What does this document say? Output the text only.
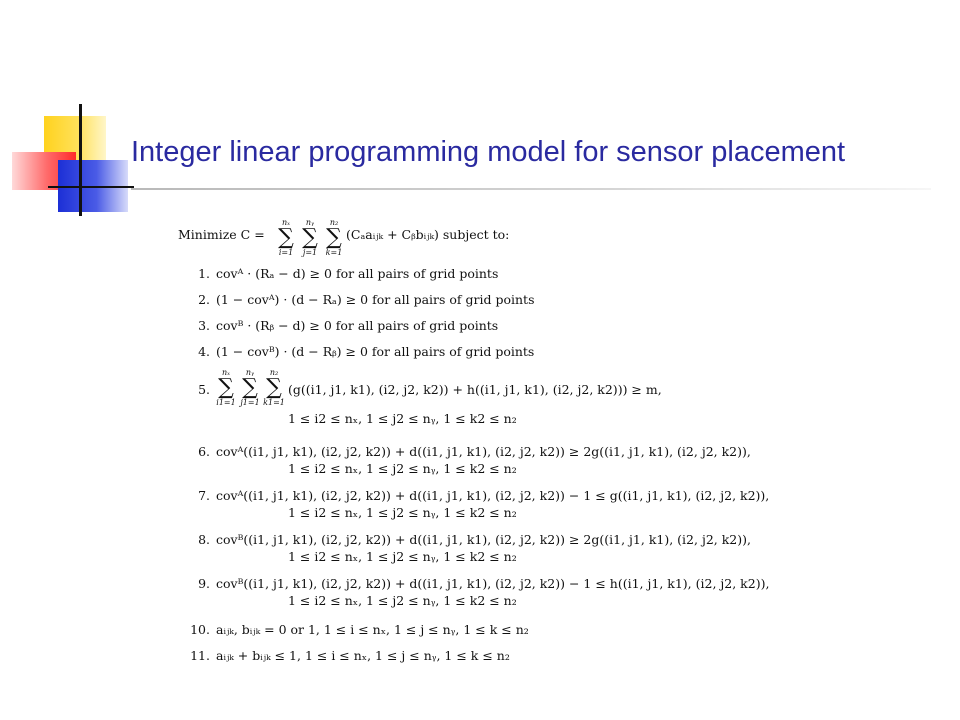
Integer linear programming model for sensor placement
Minimize C =
nₓ
∑
i=1
nᵧ
∑
j=1
n₂
∑
k=1
(Cₐaᵢⱼₖ + Cᵦbᵢⱼₖ) subject to:
1. covᴬ · (Rₐ − d) ≥ 0 for all pairs of grid points
2. (1 − covᴬ) · (d − Rₐ) ≥ 0 for all pairs of grid points
3. covᴮ · (Rᵦ − d) ≥ 0 for all pairs of grid points
4. (1 − covᴮ) · (d − Rᵦ) ≥ 0 for all pairs of grid points
5.
nₓ
∑
i1=1
nᵧ
∑
j1=1
n₂
∑
k1=1
(g((i1, j1, k1), (i2, j2, k2)) + h((i1, j1, k1), (i2, j2, k2))) ≥ m,
1 ≤ i2 ≤ nₓ, 1 ≤ j2 ≤ nᵧ, 1 ≤ k2 ≤ n₂
6. covᴬ((i1, j1, k1), (i2, j2, k2)) + d((i1, j1, k1), (i2, j2, k2)) ≥ 2g((i1, j1, k1), (i2, j2, k2)),
1 ≤ i2 ≤ nₓ, 1 ≤ j2 ≤ nᵧ, 1 ≤ k2 ≤ n₂
7. covᴬ((i1, j1, k1), (i2, j2, k2)) + d((i1, j1, k1), (i2, j2, k2)) − 1 ≤ g((i1, j1, k1), (i2, j2, k2)),
1 ≤ i2 ≤ nₓ, 1 ≤ j2 ≤ nᵧ, 1 ≤ k2 ≤ n₂
8. covᴮ((i1, j1, k1), (i2, j2, k2)) + d((i1, j1, k1), (i2, j2, k2)) ≥ 2g((i1, j1, k1), (i2, j2, k2)),
1 ≤ i2 ≤ nₓ, 1 ≤ j2 ≤ nᵧ, 1 ≤ k2 ≤ n₂
9. covᴮ((i1, j1, k1), (i2, j2, k2)) + d((i1, j1, k1), (i2, j2, k2)) − 1 ≤ h((i1, j1, k1), (i2, j2, k2)),
1 ≤ i2 ≤ nₓ, 1 ≤ j2 ≤ nᵧ, 1 ≤ k2 ≤ n₂
10. aᵢⱼₖ, bᵢⱼₖ = 0 or 1, 1 ≤ i ≤ nₓ, 1 ≤ j ≤ nᵧ, 1 ≤ k ≤ n₂
11. aᵢⱼₖ + bᵢⱼₖ ≤ 1, 1 ≤ i ≤ nₓ, 1 ≤ j ≤ nᵧ, 1 ≤ k ≤ n₂
